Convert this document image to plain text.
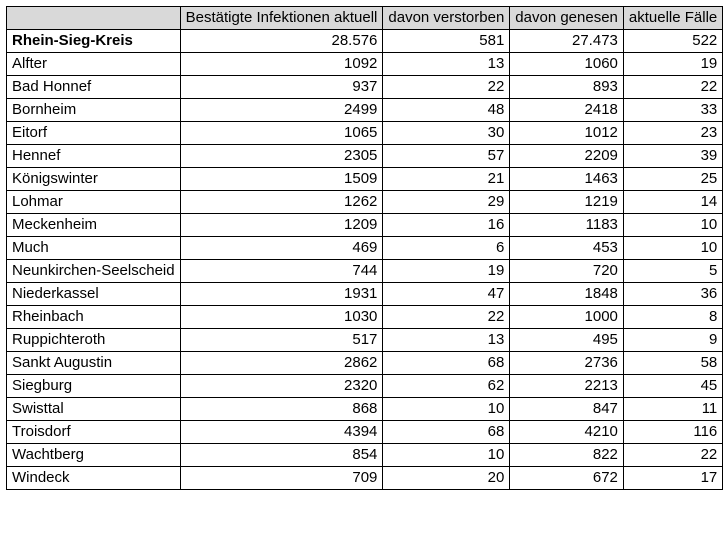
	Bestätigte Infektionen aktuell	davon verstorben	davon genesen	aktuelle Fälle
Rhein-Sieg-Kreis	28.576	581	27.473	522
Alfter	1092	13	1060	19
Bad Honnef	937	22	893	22
Bornheim	2499	48	2418	33
Eitorf	1065	30	1012	23
Hennef	2305	57	2209	39
Königswinter	1509	21	1463	25
Lohmar	1262	29	1219	14
Meckenheim	1209	16	1183	10
Much	469	6	453	10
Neunkirchen-Seelscheid	744	19	720	5
Niederkassel	1931	47	1848	36
Rheinbach	1030	22	1000	8
Ruppichteroth	517	13	495	9
Sankt Augustin	2862	68	2736	58
Siegburg	2320	62	2213	45
Swisttal	868	10	847	11
Troisdorf	4394	68	4210	116
Wachtberg	854	10	822	22
Windeck	709	20	672	17
